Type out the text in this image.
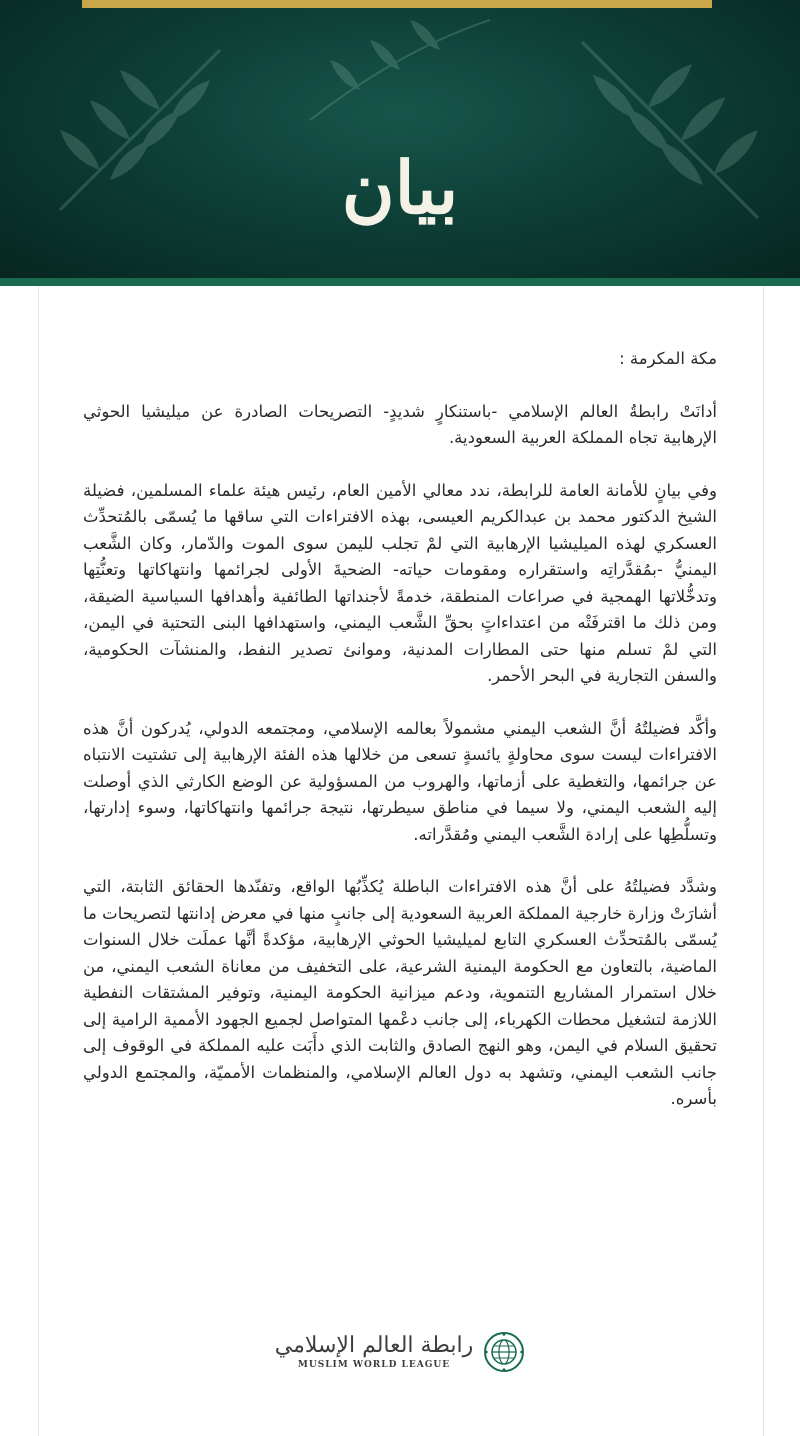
بيان

مكة المكرمة :

أدانَتْ رابطةُ العالم الإسلامي -باستنكارٍ شديدٍ- التصريحات الصادرة عن ميليشيا الحوثي الإرهابية تجاه المملكة العربية السعودية.

وفي بيانٍ للأمانة العامة للرابطة، ندد معالي الأمين العام، رئيس هيئة علماء المسلمين، فضيلة الشيخ الدكتور محمد بن عبدالكريم العيسى، بهذه الافتراءات التي ساقها ما يُسمّى بالمُتحدِّث العسكري لهذه الميليشيا الإرهابية التي لمْ تجلب لليمن سوى الموت والدّمار، وكان الشَّعب اليمنيُّ -بمُقدَّراتِه واستقراره ومقومات حياته- الضحيةَ الأولى لجرائمها وانتهاكاتها وتعنُّتِها وتدخُّلاتها الهمجية في صراعات المنطقة، خدمةً لأجنداتها الطائفية وأهدافها السياسية الضيقة، ومن ذلك ما اقترفَتْه من اعتداءاتٍ بحقِّ الشَّعب اليمني، واستهدافها البنى التحتية في اليمن، التي لمْ تسلم منها حتى المطارات المدنية، وموانئ تصدير النفط، والمنشآت الحكومية، والسفن التجارية في البحر الأحمر.

وأكَّد فضيلتُهُ أنَّ الشعب اليمني مشمولاً بعالمه الإسلامي، ومجتمعه الدولي، يُدركون أنَّ هذه الافتراءات ليست سوى محاولةٍ يائسةٍ تسعى من خلالها هذه الفئة الإرهابية إلى تشتيت الانتباه عن جرائمها، والتغطية على أزماتها، والهروب من المسؤولية عن الوضع الكارثي الذي أوصلت إليه الشعب اليمني، ولا سيما في مناطق سيطرتها، نتيجة جرائمها وانتهاكاتها، وسوء إدارتها، وتسلُّطِها على إرادة الشَّعب اليمني ومُقدَّراته.

وشدَّد فضيلتُهُ على أنَّ هذه الافتراءات الباطلة يُكذِّبُها الواقع، وتفنّدها الحقائق الثابتة، التي أشارَتْ وزارة خارجية المملكة العربية السعودية إلى جانبٍ منها في معرض إدانتها لتصريحات ما يُسمّى بالمُتحدِّث العسكري التابع لميليشيا الحوثي الإرهابية، مؤكدةً أنَّها عملَت خلال السنوات الماضية، بالتعاون مع الحكومة اليمنية الشرعية، على التخفيف من معاناة الشعب اليمني، من خلال استمرار المشاريع التنموية، ودعم ميزانية الحكومة اليمنية، وتوفير المشتقات النفطية اللازمة لتشغيل محطات الكهرباء، إلى جانب دعْمها المتواصل لجميع الجهود الأممية الرامية إلى تحقيق السلام في اليمن، وهو النهج الصادق والثابت الذي دأَبَت عليه المملكة في الوقوف إلى جانب الشعب اليمني، وتشهد به دول العالم الإسلامي، والمنظمات الأمميّة، والمجتمع الدولي بأسره.

رابطة العالم الإسلامي
MUSLIM WORLD LEAGUE
